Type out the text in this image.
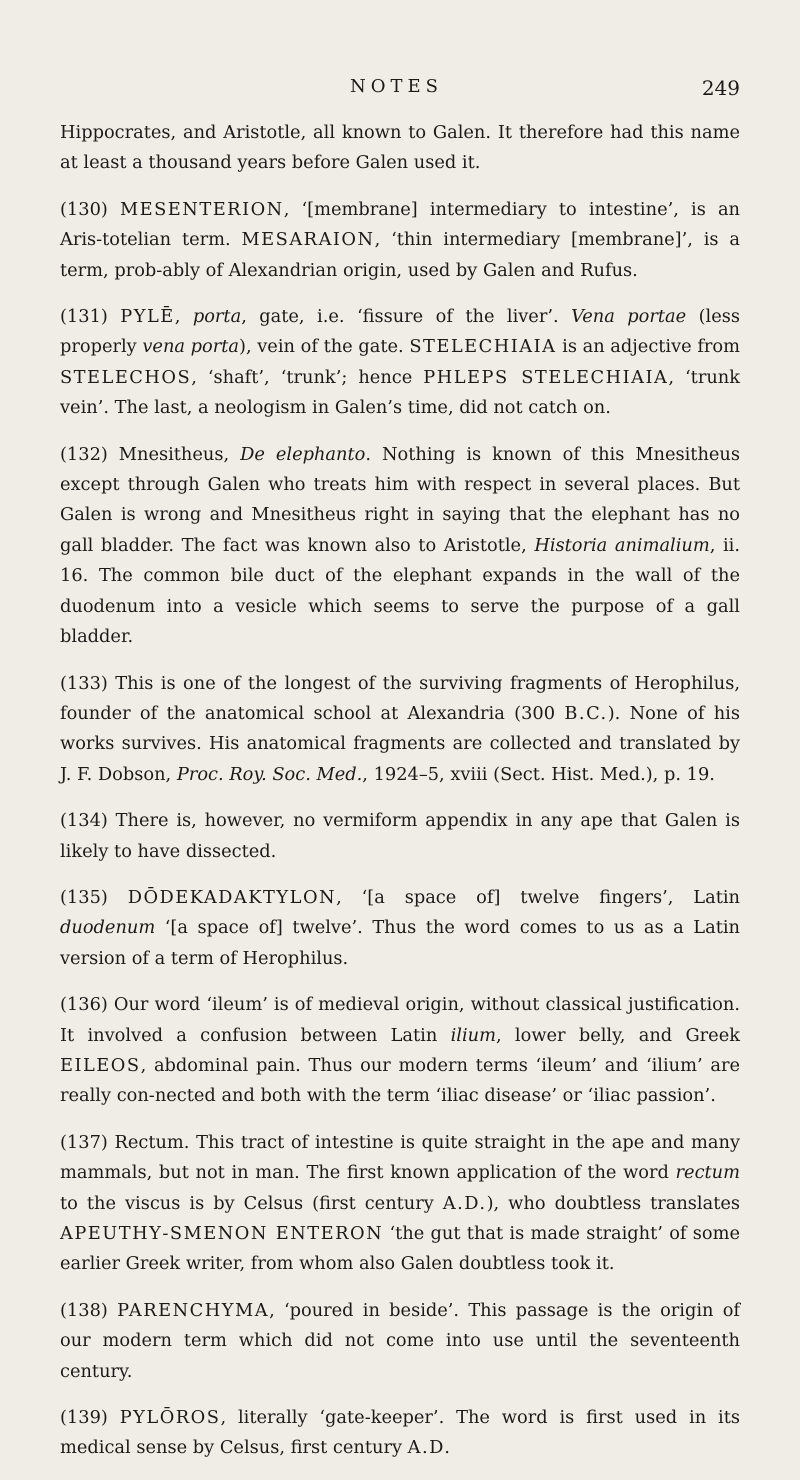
NOTES	249

Hippocrates, and Aristotle, all known to Galen. It therefore had this name at least a thousand years before Galen used it.

(130) MESENTERION, ‘[membrane] intermediary to intestine’, is an Aris‐totelian term. MESARAION, ‘thin intermediary [membrane]’, is a term, prob‐ably of Alexandrian origin, used by Galen and Rufus.

(131) PYLĒ, porta, gate, i.e. ‘fissure of the liver’. Vena portae (less properly vena porta), vein of the gate. STELECHIAIA is an adjective from STELECHOS, ‘shaft’, ‘trunk’; hence PHLEPS STELECHIAIA, ‘trunk vein’. The last, a neologism in Galen’s time, did not catch on.

(132) Mnesitheus, De elephanto. Nothing is known of this Mnesitheus except through Galen who treats him with respect in several places. But Galen is wrong and Mnesitheus right in saying that the elephant has no gall bladder. The fact was known also to Aristotle, Historia animalium, ii. 16. The common bile duct of the elephant expands in the wall of the duodenum into a vesicle which seems to serve the purpose of a gall bladder.

(133) This is one of the longest of the surviving fragments of Herophilus, founder of the anatomical school at Alexandria (300 B.C.). None of his works survives. His anatomical fragments are collected and translated by J. F. Dobson, Proc. Roy. Soc. Med., 1924–5, xviii (Sect. Hist. Med.), p. 19.

(134) There is, however, no vermiform appendix in any ape that Galen is likely to have dissected.

(135) DŌDEKADAKTYLON, ‘[a space of] twelve fingers’, Latin duodenum ‘[a space of] twelve’. Thus the word comes to us as a Latin version of a term of Herophilus.

(136) Our word ‘ileum’ is of medieval origin, without classical justification. It involved a confusion between Latin ilium, lower belly, and Greek EILEOS, abdominal pain. Thus our modern terms ‘ileum’ and ‘ilium’ are really con‐nected and both with the term ‘iliac disease’ or ‘iliac passion’.

(137) Rectum. This tract of intestine is quite straight in the ape and many mammals, but not in man. The first known application of the word rectum to the viscus is by Celsus (first century A.D.), who doubtless translates APEUTHY‐SMENON ENTERON ‘the gut that is made straight’ of some earlier Greek writer, from whom also Galen doubtless took it.

(138) PARENCHYMA, ‘poured in beside’. This passage is the origin of our modern term which did not come into use until the seventeenth century.

(139) PYLŌROS, literally ‘gate‐keeper’. The word is first used in its medical sense by Celsus, first century A.D.
